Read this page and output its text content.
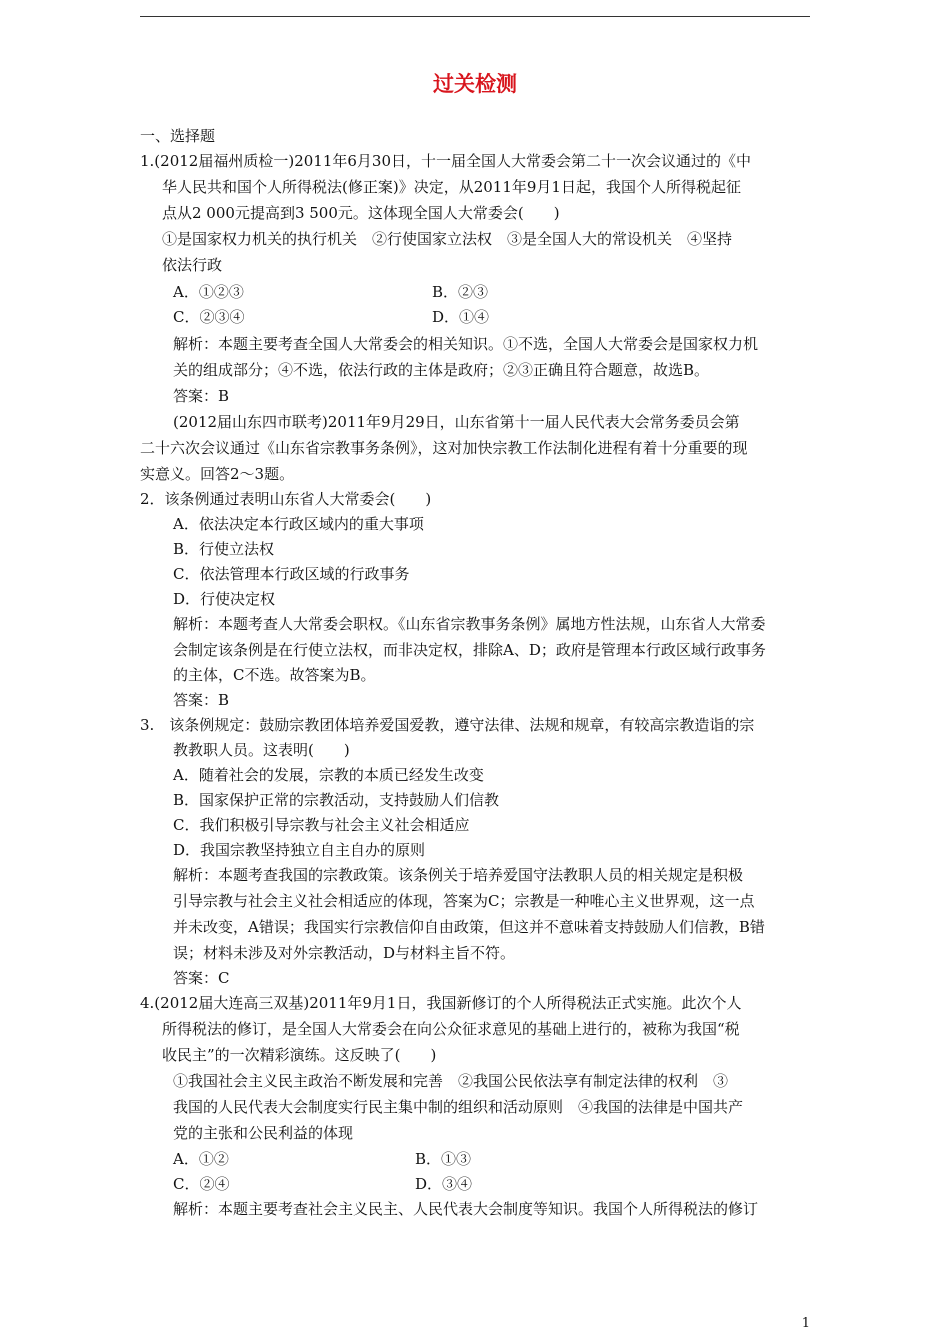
过关检测
一、选择题
1.(2012届福州质检一)2011年6月30日，十一届全国人大常委会第二十一次会议通过的《中
华人民共和国个人所得税法(修正案)》决定，从2011年9月1日起，我国个人所得税起征
点从2 000元提高到3 500元。这体现全国人大常委会(　　)
①是国家权力机关的执行机关　②行使国家立法权　③是全国人大的常设机关　④坚持
依法行政
A．①②③	B．②③
C．②③④	D．①④
解析：本题主要考查全国人大常委会的相关知识。①不选，全国人大常委会是国家权力机
关的组成部分；④不选，依法行政的主体是政府；②③正确且符合题意，故选B。
答案：B
(2012届山东四市联考)2011年9月29日，山东省第十一届人民代表大会常务委员会第
二十六次会议通过《山东省宗教事务条例》，这对加快宗教工作法制化进程有着十分重要的现
实意义。回答2～3题。
2．该条例通过表明山东省人大常委会(　　)
A．依法决定本行政区域内的重大事项
B．行使立法权
C．依法管理本行政区域的行政事务
D．行使决定权
解析：本题考查人大常委会职权。《山东省宗教事务条例》属地方性法规，山东省人大常委
会制定该条例是在行使立法权，而非决定权，排除A、D；政府是管理本行政区域行政事务
的主体，C不选。故答案为B。
答案：B
3.　该条例规定：鼓励宗教团体培养爱国爱教，遵守法律、法规和规章，有较高宗教造诣的宗
教教职人员。这表明(　　)
A．随着社会的发展，宗教的本质已经发生改变
B．国家保护正常的宗教活动，支持鼓励人们信教
C．我们积极引导宗教与社会主义社会相适应
D．我国宗教坚持独立自主自办的原则
解析：本题考查我国的宗教政策。该条例关于培养爱国守法教职人员的相关规定是积极
引导宗教与社会主义社会相适应的体现，答案为C；宗教是一种唯心主义世界观，这一点
并未改变，A错误；我国实行宗教信仰自由政策，但这并不意味着支持鼓励人们信教，B错
误；材料未涉及对外宗教活动，D与材料主旨不符。
答案：C
4.(2012届大连高三双基)2011年9月1日，我国新修订的个人所得税法正式实施。此次个人
所得税法的修订，是全国人大常委会在向公众征求意见的基础上进行的，被称为我国“税
收民主”的一次精彩演练。这反映了(　　)
①我国社会主义民主政治不断发展和完善　②我国公民依法享有制定法律的权利　③
我国的人民代表大会制度实行民主集中制的组织和活动原则　④我国的法律是中国共产
党的主张和公民利益的体现
A．①②	B．①③
C．②④	D．③④
解析：本题主要考查社会主义民主、人民代表大会制度等知识。我国个人所得税法的修订
1
